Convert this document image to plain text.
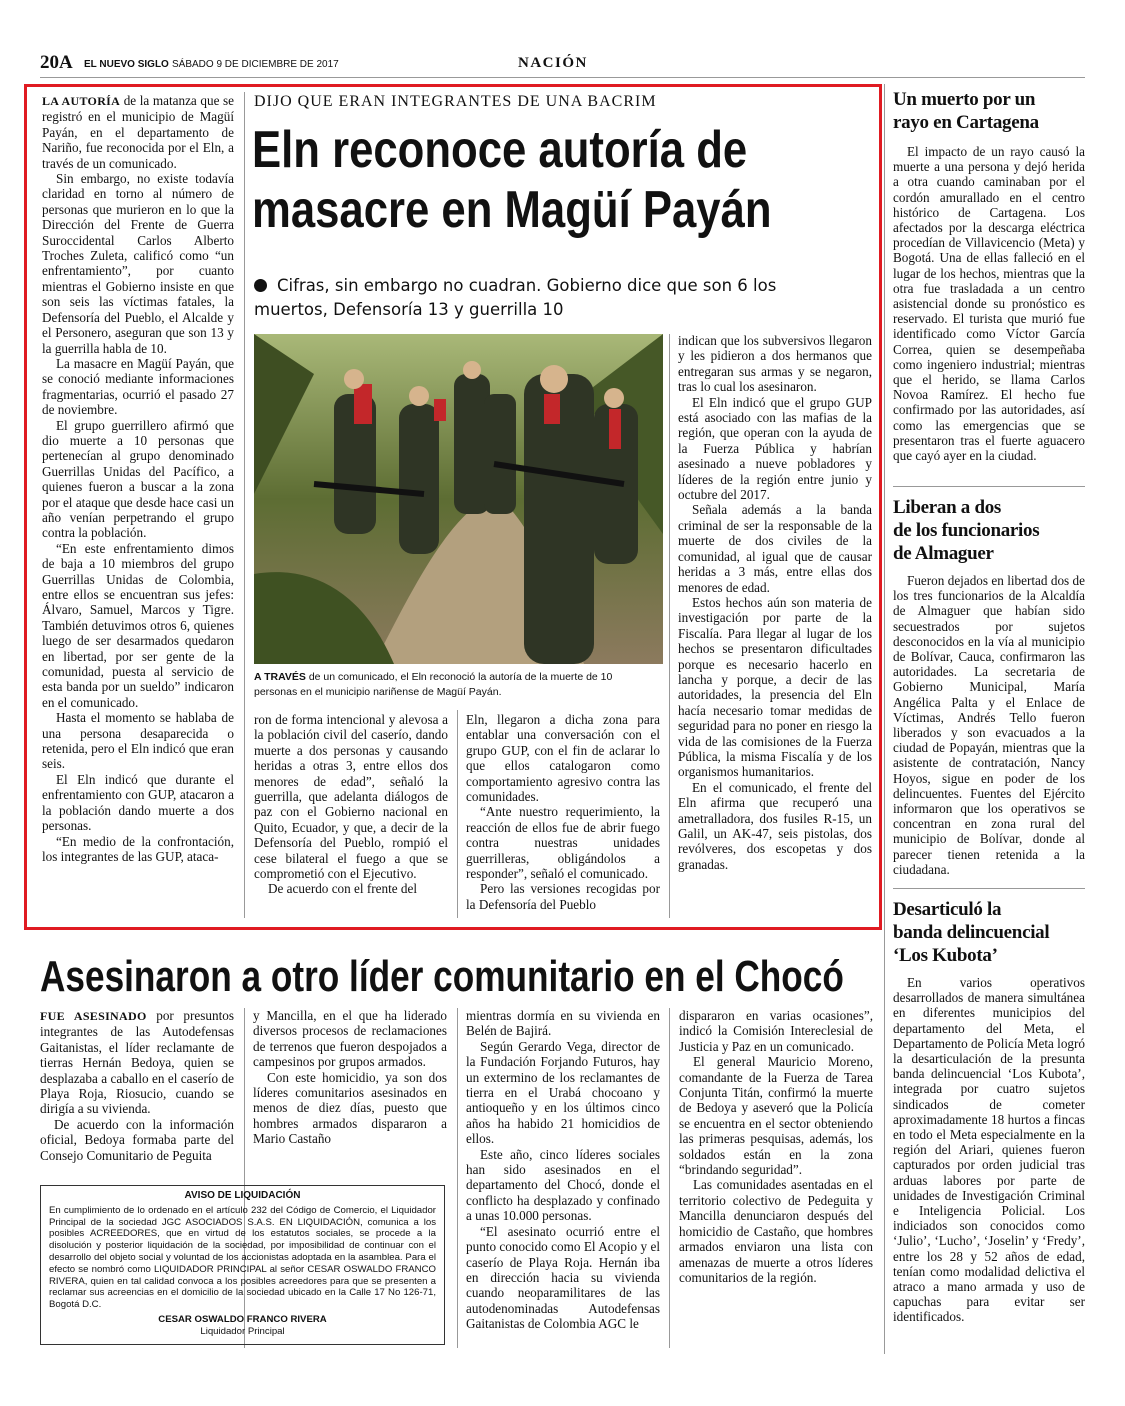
20A EL NUEVO SIGLO SÁBADO 9 DE DICIEMBRE DE 2017	NACIÓN

LA AUTORÍA de la matanza que se registró en el municipio de Magüí Payán, en el departamento de Nariño, fue reconocida por el Eln, a través de un comunicado.

Sin embargo, no existe todavía claridad en torno al número de personas que murieron en lo que la Dirección del Frente de Guerra Suroccidental Carlos Alberto Troches Zuleta, calificó como “un enfrentamiento”, por cuanto mientras el Gobierno insiste en que son seis las víctimas fatales, la Defensoría del Pueblo, el Alcalde y el Personero, aseguran que son 13 y la guerrilla habla de 10.

La masacre en Magüí Payán, que se conoció mediante informaciones fragmentarias, ocurrió el pasado 27 de noviembre.

El grupo guerrillero afirmó que dio muerte a 10 personas que pertenecían al grupo denominado Guerrillas Unidas del Pacífico, a quienes fueron a buscar a la zona por el ataque que desde hace casi un año venían perpetrando el grupo contra la población.

“En este enfrentamiento dimos de baja a 10 miembros del grupo Guerrillas Unidas de Colombia, entre ellos se encuentran sus jefes: Álvaro, Samuel, Marcos y Tigre. También detuvimos otros 6, quienes luego de ser desarmados quedaron en libertad, por ser gente de la comunidad, puesta al servicio de esta banda por un sueldo” indicaron en el comunicado.

Hasta el momento se hablaba de una persona desaparecida o retenida, pero el Eln indicó que eran seis.

El Eln indicó que durante el enfrentamiento con GUP, atacaron a la población dando muerte a dos personas.

“En medio de la confrontación, los integrantes de las GUP, ataca-

DIJO QUE ERAN INTEGRANTES DE UNA BACRIM
Eln reconoce autoría de
masacre en Magüí Payán
Cifras, sin embargo no cuadran. Gobierno dice que son 6 los
muertos, Defensoría 13 y guerrilla 10
A TRAVÉS de un comunicado, el Eln reconoció la autoría de la muerte de 10
personas en el municipio nariñense de Magüí Payán.

ron de forma intencional y alevosa a la población civil del caserío, dando muerte a dos personas y causando heridas a otras 3, entre ellos dos menores de edad”, señaló la guerrilla, que adelanta diálogos de paz con el Gobierno nacional en Quito, Ecuador, y que, a decir de la Defensoría del Pueblo, rompió el cese bilateral el fuego a que se comprometió con el Ejecutivo.

De acuerdo con el frente del

Eln, llegaron a dicha zona para entablar una conversación con el grupo GUP, con el fin de aclarar lo que ellos catalogaron como comportamiento agresivo contra las comunidades.

“Ante nuestro requerimiento, la reacción de ellos fue de abrir fuego contra nuestras unidades guerrilleras, obligándolos a responder”, señaló el comunicado.

Pero las versiones recogidas por la Defensoría del Pueblo

indican que los subversivos llegaron y les pidieron a dos hermanos que entregaran sus armas y se negaron, tras lo cual los asesinaron.

El Eln indicó que el grupo GUP está asociado con las mafias de la región, que operan con la ayuda de la Fuerza Pública y habrían asesinado a nueve pobladores y líderes de la región entre junio y octubre del 2017.

Señala además a la banda criminal de ser la responsable de la muerte de dos civiles de la comunidad, al igual que de causar heridas a 3 más, entre ellas dos menores de edad.

Estos hechos aún son materia de investigación por parte de la Fiscalía. Para llegar al lugar de los hechos se presentaron dificultades porque es necesario hacerlo en lancha y porque, a decir de las autoridades, la presencia del Eln hacía necesario tomar medidas de seguridad para no poner en riesgo la vida de las comisiones de la Fuerza Pública, la misma Fiscalía y de los organismos humanitarios.

En el comunicado, el frente del Eln afirma que recuperó una ametralladora, dos fusiles R-15, un Galil, un AK-47, seis pistolas, dos revólveres, dos escopetas y dos granadas.

Un muerto por un
rayo en Cartagena

El impacto de un rayo causó la muerte a una persona y dejó herida a otra cuando caminaban por el cordón amurallado en el centro histórico de Cartagena. Los afectados por la descarga eléctrica procedían de Villavicencio (Meta) y Bogotá. Una de ellas falleció en el lugar de los hechos, mientras que la otra fue trasladada a un centro asistencial donde su pronóstico es reservado. El turista que murió fue identificado como Víctor García Correa, quien se desempeñaba como ingeniero industrial; mientras que el herido, se llama Carlos Novoa Ramírez. El hecho fue confirmado por las autoridades, así como las emergencias que se presentaron tras el fuerte aguacero que cayó ayer en la ciudad.

Liberan a dos
de los funcionarios
de Almaguer

Fueron dejados en libertad dos de los tres funcionarios de la Alcaldía de Almaguer que habían sido secuestrados por sujetos desconocidos en la vía al municipio de Bolívar, Cauca, confirmaron las autoridades. La secretaria de Gobierno Municipal, María Angélica Palta y el Enlace de Víctimas, Andrés Tello fueron liberados y son evacuados a la ciudad de Popayán, mientras que la asistente de contratación, Nancy Hoyos, sigue en poder de los delincuentes. Fuentes del Ejército informaron que los operativos se concentran en zona rural del municipio de Bolívar, donde al parecer tienen retenida a la ciudadana.

Desarticuló la
banda delincuencial
‘Los Kubota’

En varios operativos desarrollados de manera simultánea en diferentes municipios del departamento del Meta, el Departamento de Policía Meta logró la desarticulación de la presunta banda delincuencial ‘Los Kubota’, integrada por cuatro sujetos sindicados de cometer aproximadamente 18 hurtos a fincas en todo el Meta especialmente en la región del Ariari, quienes fueron capturados por orden judicial tras arduas labores por parte de unidades de Investigación Criminal e Inteligencia Policial. Los indiciados son conocidos como ‘Julio’, ‘Lucho’, ‘Joselin’ y ‘Fredy’, entre los 28 y 52 años de edad, tenían como modalidad delictiva el atraco a mano armada y uso de capuchas para evitar ser identificados.

Asesinaron a otro líder comunitario en el Chocó

FUE ASESINADO por presuntos integrantes de las Autodefensas Gaitanistas, el líder reclamante de tierras Hernán Bedoya, quien se desplazaba a caballo en el caserío de Playa Roja, Riosucio, cuando se dirigía a su vivienda.

De acuerdo con la información oficial, Bedoya formaba parte del Consejo Comunitario de Peguita

y Mancilla, en el que ha liderado diversos procesos de reclamaciones de terrenos que fueron despojados a campesinos por grupos armados.

Con este homicidio, ya son dos líderes comunitarios asesinados en menos de diez días, puesto que hombres armados dispararon a Mario Castaño

mientras dormía en su vivienda en Belén de Bajirá.

Según Gerardo Vega, director de la Fundación Forjando Futuros, hay un extermino de los reclamantes de tierra en el Urabá chocoano y antioqueño y en los últimos cinco años ha habido 21 homicidios de ellos.

Este año, cinco líderes sociales han sido asesinados en el departamento del Chocó, donde el conflicto ha desplazado y confinado a unas 10.000 personas.

“El asesinato ocurrió entre el punto conocido como El Acopio y el caserío de Playa Roja. Hernán iba en dirección hacia su vivienda cuando neoparamilitares de las autodenominadas Autodefensas Gaitanistas de Colombia AGC le

dispararon en varias ocasiones”, indicó la Comisión Intereclesial de Justicia y Paz en un comunicado.

El general Mauricio Moreno, comandante de la Fuerza de Tarea Conjunta Titán, confirmó la muerte de Bedoya y aseveró que la Policía se encuentra en el sector obteniendo las primeras pesquisas, además, los soldados están en la zona “brindando seguridad”.

Las comunidades asentadas en el territorio colectivo de Pedeguita y Mancilla denunciaron después del homicidio de Castaño, que hombres armados enviaron una lista con amenazas de muerte a otros líderes comunitarios de la región.

AVISO DE LIQUIDACIÓN
En cumplimiento de lo ordenado en el artículo 232 del Código de Comercio, el Liquidador Principal de la sociedad JGC ASOCIADOS S.A.S. EN LIQUIDACIÓN, comunica a los posibles ACREEDORES, que en virtud de los estatutos sociales, se procede a la disolución y posterior liquidación de la sociedad, por imposibilidad de continuar con el desarrollo del objeto social y voluntad de los accionistas adoptada en la asamblea. Para el efecto se nombró como LIQUIDADOR PRINCIPAL al señor CESAR OSWALDO FRANCO RIVERA, quien en tal calidad convoca a los posibles acreedores para que se presenten a reclamar sus acreencias en el domicilio de la sociedad ubicado en la Calle 17 No 126-71, Bogotá D.C.
CESAR OSWALDO FRANCO RIVERA
Liquidador Principal
